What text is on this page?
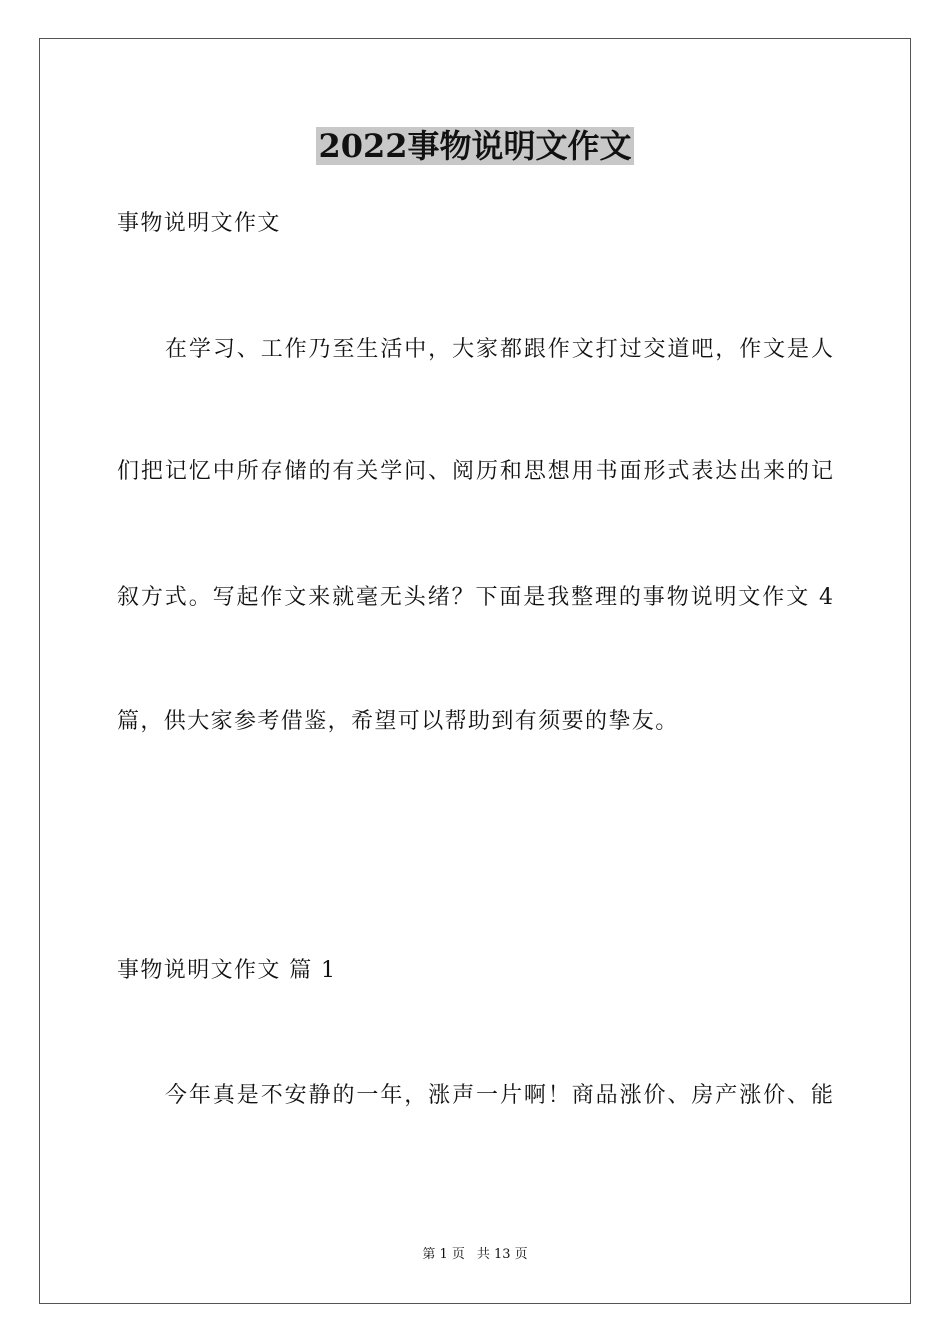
2022事物说明文作文
事物说明文作文
在学习、工作乃至生活中，大家都跟作文打过交道吧，作文是人
们把记忆中所存储的有关学问、阅历和思想用书面形式表达出来的记
叙方式。写起作文来就毫无头绪？下面是我整理的事物说明文作文 4
篇，供大家参考借鉴，希望可以帮助到有须要的挚友。
事物说明文作文 篇 1
今年真是不安静的一年，涨声一片啊！商品涨价、房产涨价、能
第 1 页 共 13 页
